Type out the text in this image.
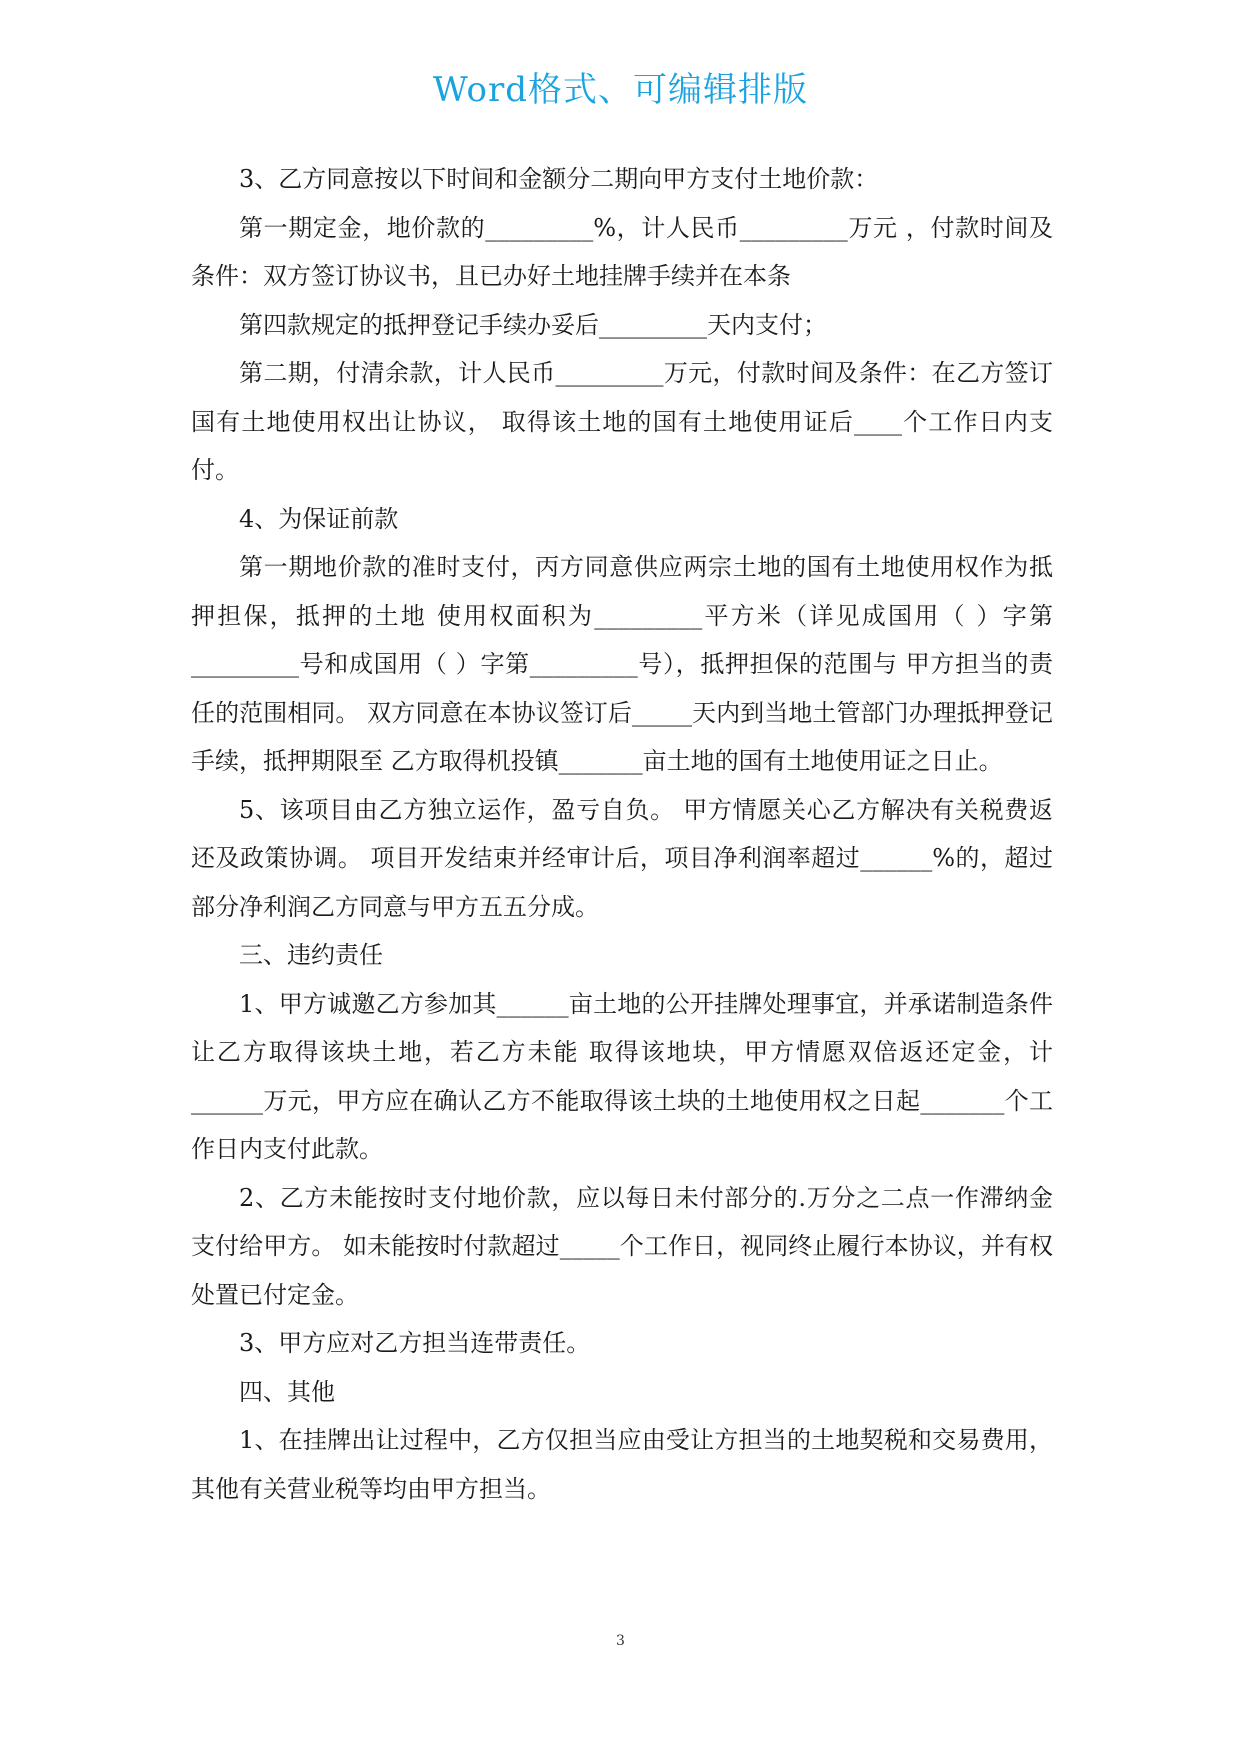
Word格式、可编辑排版

3、乙方同意按以下时间和金额分二期向甲方支付土地价款：

第一期定金，地价款的_________%，计人民币_________万元 ，付款时间及条件：双方签订协议书，且已办好土地挂牌手续并在本条

第四款规定的抵押登记手续办妥后_________天内支付；

第二期，付清余款，计人民币_________万元，付款时间及条件：在乙方签订国有土地使用权出让协议， 取得该土地的国有土地使用证后____个工作日内支付。

4、为保证前款

第一期地价款的准时支付，丙方同意供应两宗土地的国有土地使用权作为抵押担保，抵押的土地 使用权面积为_________平方米（详见成国用（ ）字第_________号和成国用（ ）字第_________号），抵押担保的范围与 甲方担当的责任的范围相同。 双方同意在本协议签订后_____天内到当地土管部门办理抵押登记手续，抵押期限至 乙方取得机投镇_______亩土地的国有土地使用证之日止。

5、该项目由乙方独立运作，盈亏自负。 甲方情愿关心乙方解决有关税费返还及政策协调。 项目开发结束并经审计后，项目净利润率超过______%的，超过部分净利润乙方同意与甲方五五分成。

三、违约责任

1、甲方诚邀乙方参加其______亩土地的公开挂牌处理事宜，并承诺制造条件让乙方取得该块土地，若乙方未能 取得该地块，甲方情愿双倍返还定金，计______万元，甲方应在确认乙方不能取得该土块的土地使用权之日起_______个工作日内支付此款。

2、乙方未能按时支付地价款，应以每日未付部分的.万分之二点一作滞纳金支付给甲方。 如未能按时付款超过_____个工作日，视同终止履行本协议，并有权处置已付定金。

3、甲方应对乙方担当连带责任。

四、其他

1、在挂牌出让过程中，乙方仅担当应由受让方担当的土地契税和交易费用，其他有关营业税等均由甲方担当。

3
